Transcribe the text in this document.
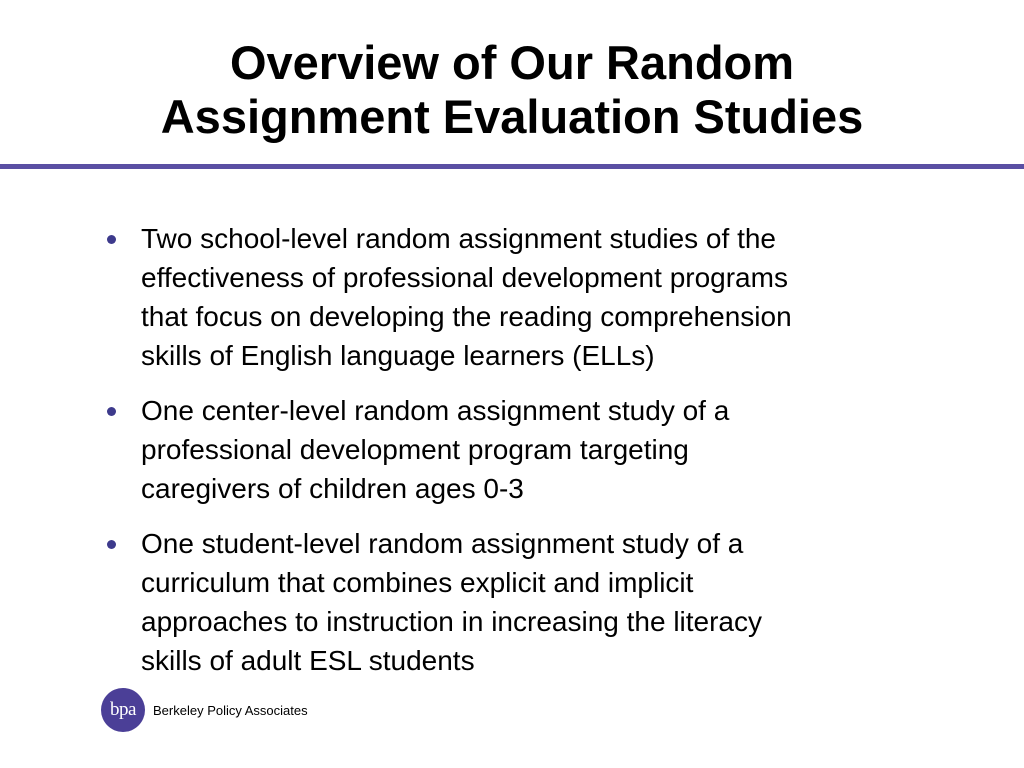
Overview of Our Random
Assignment Evaluation Studies
Two school-level random assignment studies of the
effectiveness of professional development programs
that focus on developing the reading comprehension
skills of English language learners (ELLs)
One center-level random assignment study of a
professional development program targeting
caregivers of children ages 0-3
One student-level random assignment study of a
curriculum that combines explicit and implicit
approaches to instruction in increasing the literacy
skills of adult ESL students
bpa	Berkeley Policy Associates
